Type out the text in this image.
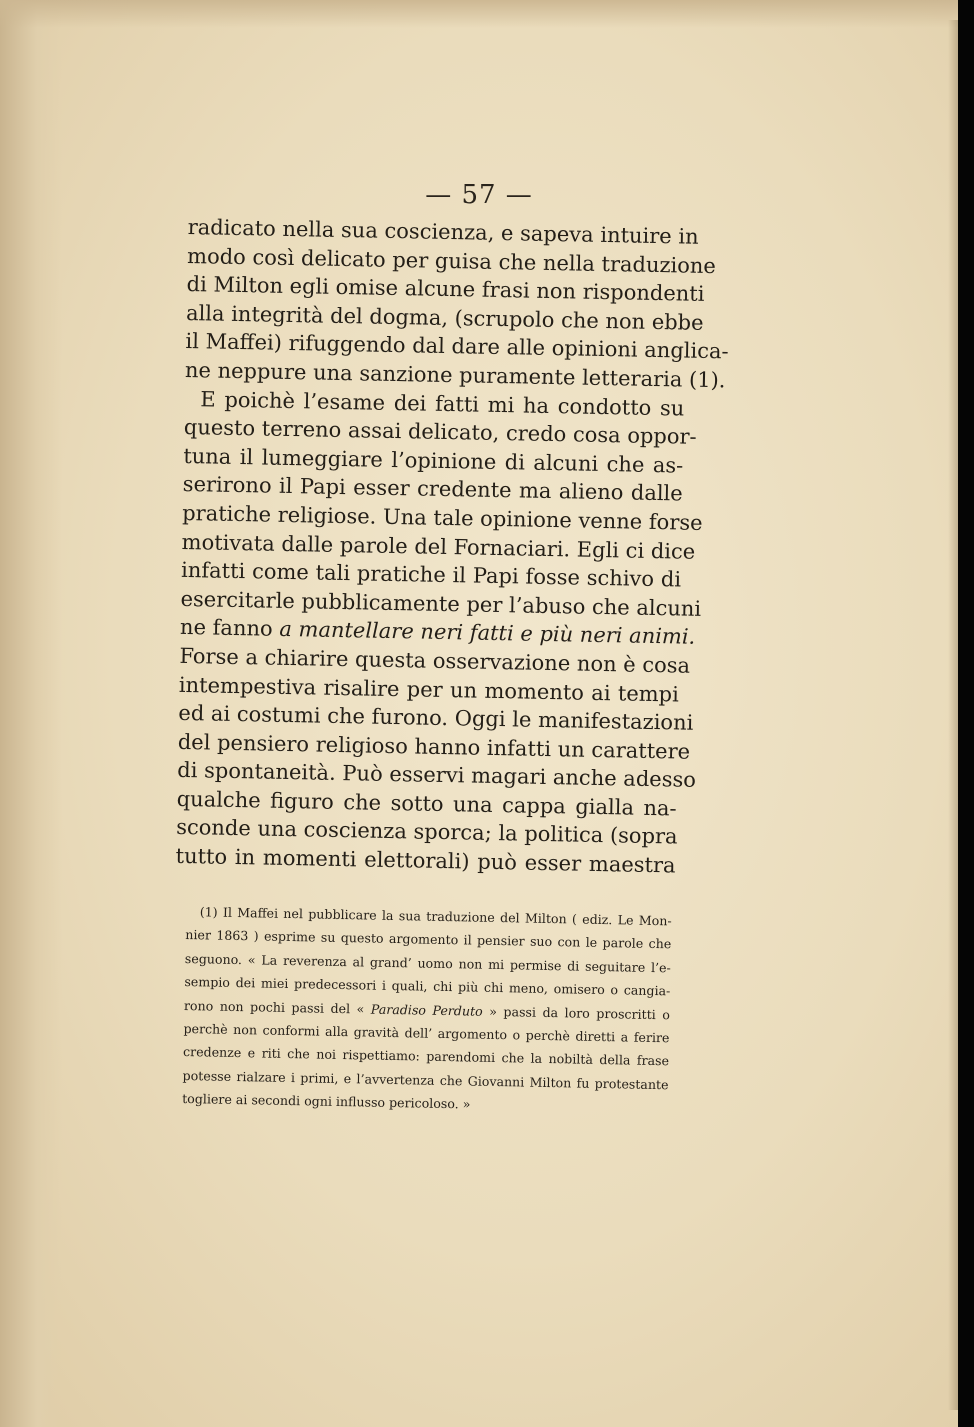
— 57 —
radicato nella sua coscienza, e sapeva intuire in
modo così delicato per guisa che nella traduzione
di Milton egli omise alcune frasi non rispondenti
alla integrità del dogma, (scrupolo che non ebbe
il Maffei) rifuggendo dal dare alle opinioni anglica-
ne neppure una sanzione puramente letteraria (1).
E poichè l’esame dei fatti mi ha condotto su
questo terreno assai delicato, credo cosa oppor-
tuna il lumeggiare l’opinione di alcuni che as-
serirono il Papi esser credente ma alieno dalle
pratiche religiose. Una tale opinione venne forse
motivata dalle parole del Fornaciari. Egli ci dice
infatti come tali pratiche il Papi fosse schivo di
esercitarle pubblicamente per l’abuso che alcuni
ne fanno a mantellare neri fatti e più neri animi.
Forse a chiarire questa osservazione non è cosa
intempestiva risalire per un momento ai tempi
ed ai costumi che furono. Oggi le manifestazioni
del pensiero religioso hanno infatti un carattere
di spontaneità. Può esservi magari anche adesso
qualche figuro che sotto una cappa gialla na-
sconde una coscienza sporca; la politica (sopra
tutto in momenti elettorali) può esser maestra
(1) Il Maffei nel pubblicare la sua traduzione del Milton ( ediz. Le Mon-
nier 1863 ) esprime su questo argomento il pensier suo con le parole che
seguono. « La reverenza al grand’ uomo non mi permise di seguitare l’e-
sempio dei miei predecessori i quali, chi più chi meno, omisero o cangia-
rono non pochi passi del « Paradiso Perduto » passi da loro proscritti o
perchè non conformi alla gravità dell’ argomento o perchè diretti a ferire
credenze e riti che noi rispettiamo: parendomi che la nobiltà della frase
potesse rialzare i primi, e l’avvertenza che Giovanni Milton fu protestante
togliere ai secondi ogni influsso pericoloso. »
